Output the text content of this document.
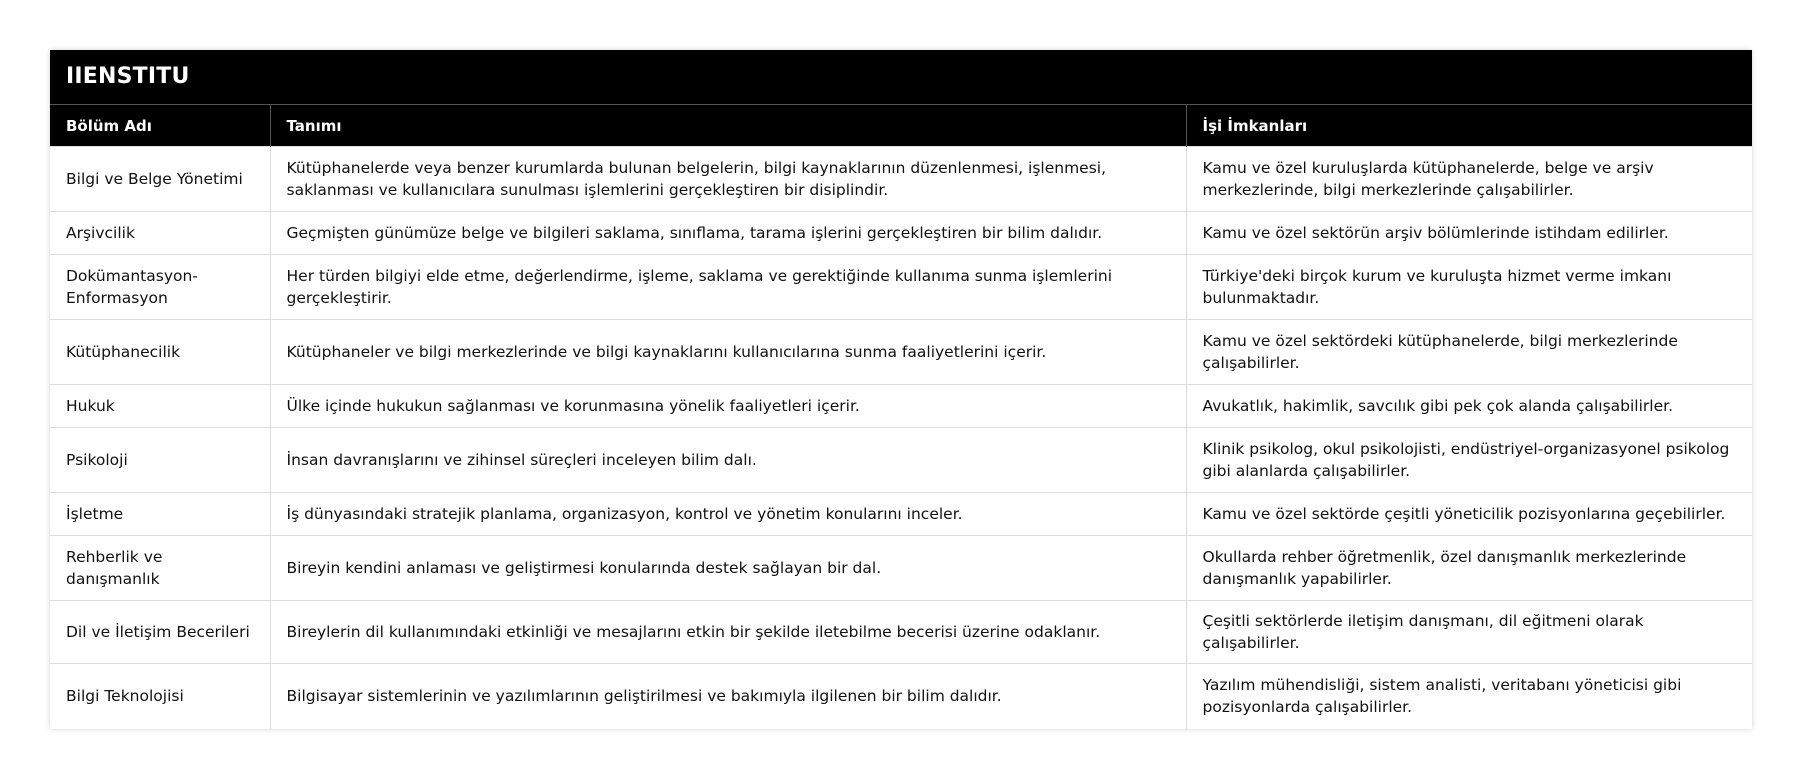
IIENSTITU
Bölüm Adı	Tanımı	İşi İmkanları
Bilgi ve Belge Yönetimi	Kütüphanelerde veya benzer kurumlarda bulunan belgelerin, bilgi kaynaklarının düzenlenmesi, işlenmesi, saklanması ve kullanıcılara sunulması işlemlerini gerçekleştiren bir disiplindir.	Kamu ve özel kuruluşlarda kütüphanelerde, belge ve arşiv merkezlerinde, bilgi merkezlerinde çalışabilirler.
Arşivcilik	Geçmişten günümüze belge ve bilgileri saklama, sınıflama, tarama işlerini gerçekleştiren bir bilim dalıdır.	Kamu ve özel sektörün arşiv bölümlerinde istihdam edilirler.
Dokümantasyon-Enformasyon	Her türden bilgiyi elde etme, değerlendirme, işleme, saklama ve gerektiğinde kullanıma sunma işlemlerini gerçekleştirir.	Türkiye'deki birçok kurum ve kuruluşta hizmet verme imkanı bulunmaktadır.
Kütüphanecilik	Kütüphaneler ve bilgi merkezlerinde ve bilgi kaynaklarını kullanıcılarına sunma faaliyetlerini içerir.	Kamu ve özel sektördeki kütüphanelerde, bilgi merkezlerinde çalışabilirler.
Hukuk	Ülke içinde hukukun sağlanması ve korunmasına yönelik faaliyetleri içerir.	Avukatlık, hakimlik, savcılık gibi pek çok alanda çalışabilirler.
Psikoloji	İnsan davranışlarını ve zihinsel süreçleri inceleyen bilim dalı.	Klinik psikolog, okul psikolojisti, endüstriyel-organizasyonel psikolog gibi alanlarda çalışabilirler.
İşletme	İş dünyasındaki stratejik planlama, organizasyon, kontrol ve yönetim konularını inceler.	Kamu ve özel sektörde çeşitli yöneticilik pozisyonlarına geçebilirler.
Rehberlik ve danışmanlık	Bireyin kendini anlaması ve geliştirmesi konularında destek sağlayan bir dal.	Okullarda rehber öğretmenlik, özel danışmanlık merkezlerinde danışmanlık yapabilirler.
Dil ve İletişim Becerileri	Bireylerin dil kullanımındaki etkinliği ve mesajlarını etkin bir şekilde iletebilme becerisi üzerine odaklanır.	Çeşitli sektörlerde iletişim danışmanı, dil eğitmeni olarak çalışabilirler.
Bilgi Teknolojisi	Bilgisayar sistemlerinin ve yazılımlarının geliştirilmesi ve bakımıyla ilgilenen bir bilim dalıdır.	Yazılım mühendisliği, sistem analisti, veritabanı yöneticisi gibi pozisyonlarda çalışabilirler.
